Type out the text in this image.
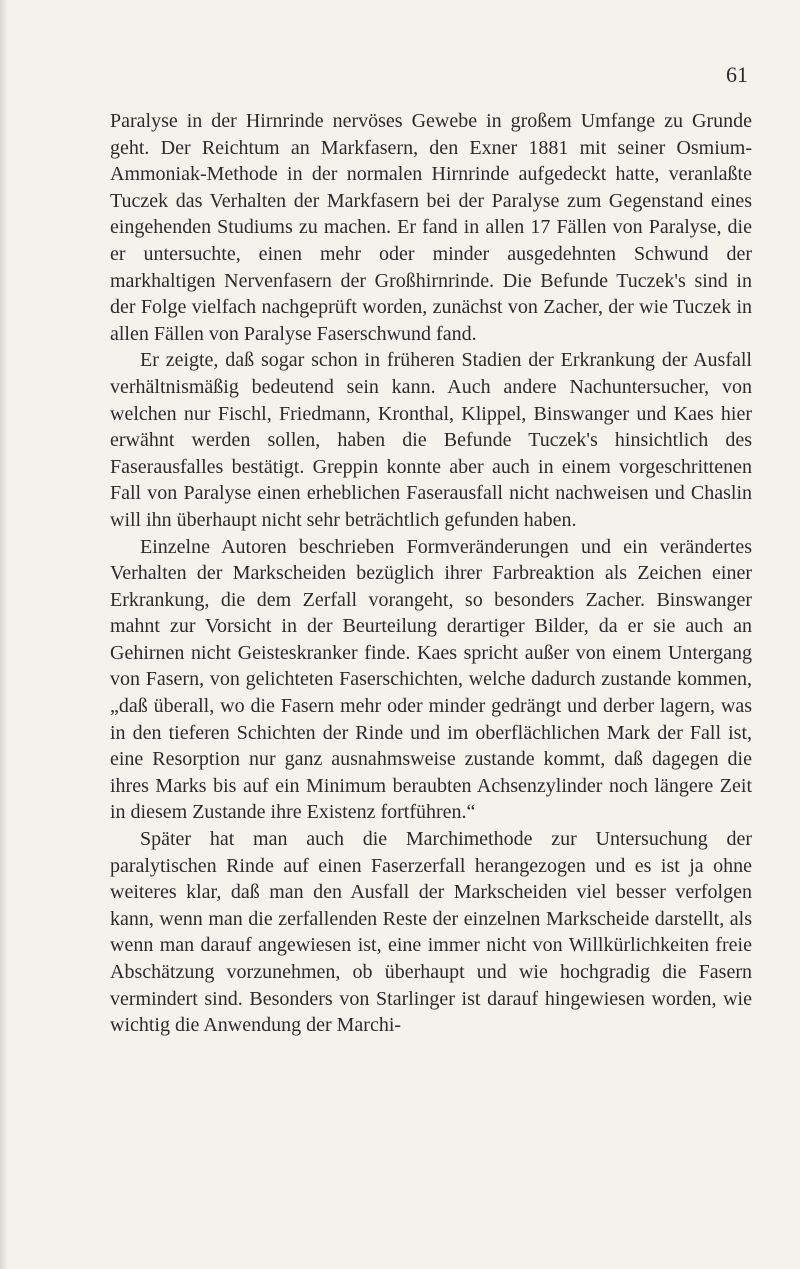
61

Paralyse in der Hirnrinde nervöses Gewebe in großem Umfange zu Grunde geht. Der Reichtum an Markfasern, den Exner 1881 mit seiner Osmium-Ammoniak-Methode in der normalen Hirnrinde aufgedeckt hatte, veranlaßte Tuczek das Verhalten der Markfasern bei der Paralyse zum Gegenstand eines eingehenden Studiums zu machen. Er fand in allen 17 Fällen von Paralyse, die er untersuchte, einen mehr oder minder ausgedehnten Schwund der markhaltigen Nervenfasern der Großhirnrinde. Die Befunde Tuczek's sind in der Folge vielfach nachgeprüft worden, zunächst von Zacher, der wie Tuczek in allen Fällen von Paralyse Faserschwund fand.

Er zeigte, daß sogar schon in früheren Stadien der Erkrankung der Ausfall verhältnismäßig bedeutend sein kann. Auch andere Nachuntersucher, von welchen nur Fischl, Friedmann, Kronthal, Klippel, Binswanger und Kaes hier erwähnt werden sollen, haben die Befunde Tuczek's hinsichtlich des Faserausfalles bestätigt. Greppin konnte aber auch in einem vorgeschrittenen Fall von Paralyse einen erheblichen Faserausfall nicht nachweisen und Chaslin will ihn überhaupt nicht sehr beträchtlich gefunden haben.

Einzelne Autoren beschrieben Formveränderungen und ein verändertes Verhalten der Markscheiden bezüglich ihrer Farbreaktion als Zeichen einer Erkrankung, die dem Zerfall vorangeht, so besonders Zacher. Binswanger mahnt zur Vorsicht in der Beurteilung derartiger Bilder, da er sie auch an Gehirnen nicht Geisteskranker finde. Kaes spricht außer von einem Untergang von Fasern, von gelichteten Faserschichten, welche dadurch zustande kommen, „daß überall, wo die Fasern mehr oder minder gedrängt und derber lagern, was in den tieferen Schichten der Rinde und im oberflächlichen Mark der Fall ist, eine Resorption nur ganz ausnahmsweise zustande kommt, daß dagegen die ihres Marks bis auf ein Minimum beraubten Achsenzylinder noch längere Zeit in diesem Zustande ihre Existenz fortführen.“

Später hat man auch die Marchimethode zur Untersuchung der paralytischen Rinde auf einen Faserzerfall herangezogen und es ist ja ohne weiteres klar, daß man den Ausfall der Markscheiden viel besser verfolgen kann, wenn man die zerfallenden Reste der einzelnen Markscheide darstellt, als wenn man darauf angewiesen ist, eine immer nicht von Willkürlichkeiten freie Abschätzung vorzunehmen, ob überhaupt und wie hochgradig die Fasern vermindert sind. Besonders von Starlinger ist darauf hingewiesen worden, wie wichtig die Anwendung der Marchi-
